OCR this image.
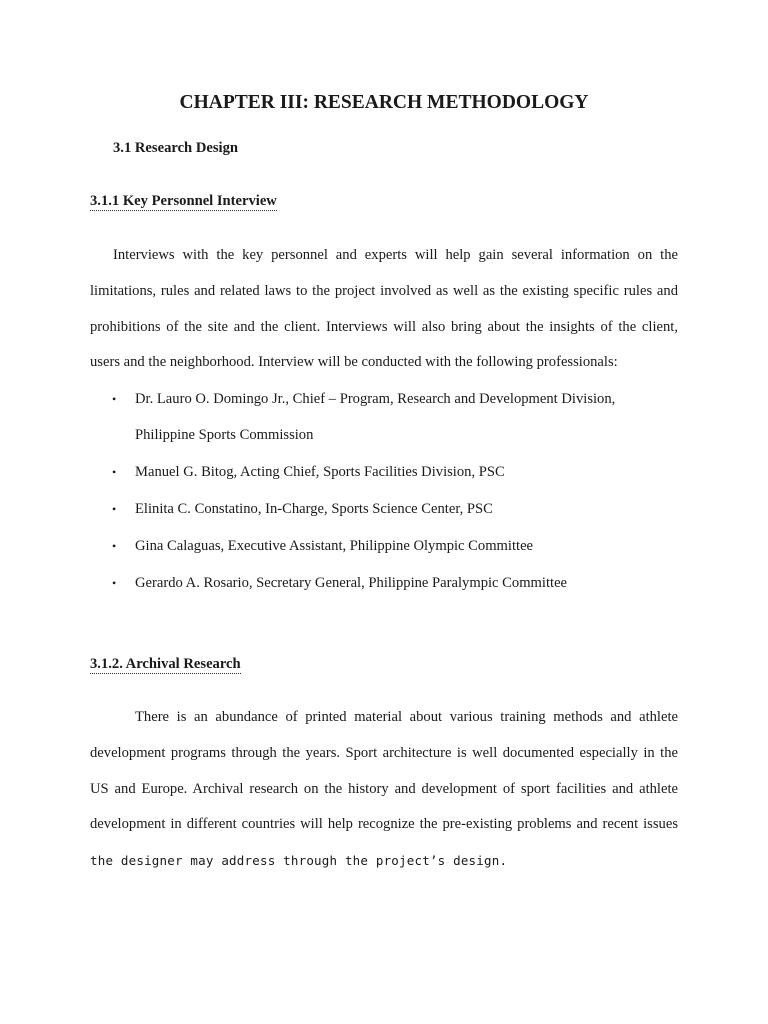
CHAPTER III: RESEARCH METHODOLOGY
3.1 Research Design
3.1.1 Key Personnel Interview

Interviews with the key personnel and experts will help gain several information on the limitations, rules and related laws to the project involved as well as the existing specific rules and prohibitions of the site and the client. Interviews will also bring about the insights of the client, users and the neighborhood. Interview will be conducted with the following professionals:

• Dr. Lauro O. Domingo Jr., Chief – Program, Research and Development Division, Philippine Sports Commission
• Manuel G. Bitog, Acting Chief, Sports Facilities Division, PSC
• Elinita C. Constatino, In-Charge, Sports Science Center, PSC
• Gina Calaguas, Executive Assistant, Philippine Olympic Committee
• Gerardo A. Rosario, Secretary General, Philippine Paralympic Committee
3.1.2. Archival Research

There is an abundance of printed material about various training methods and athlete development programs through the years. Sport architecture is well documented especially in the US and Europe. Archival research on the history and development of sport facilities and athlete development in different countries will help recognize the pre-existing problems and recent issues the designer may address through the project’s design.
